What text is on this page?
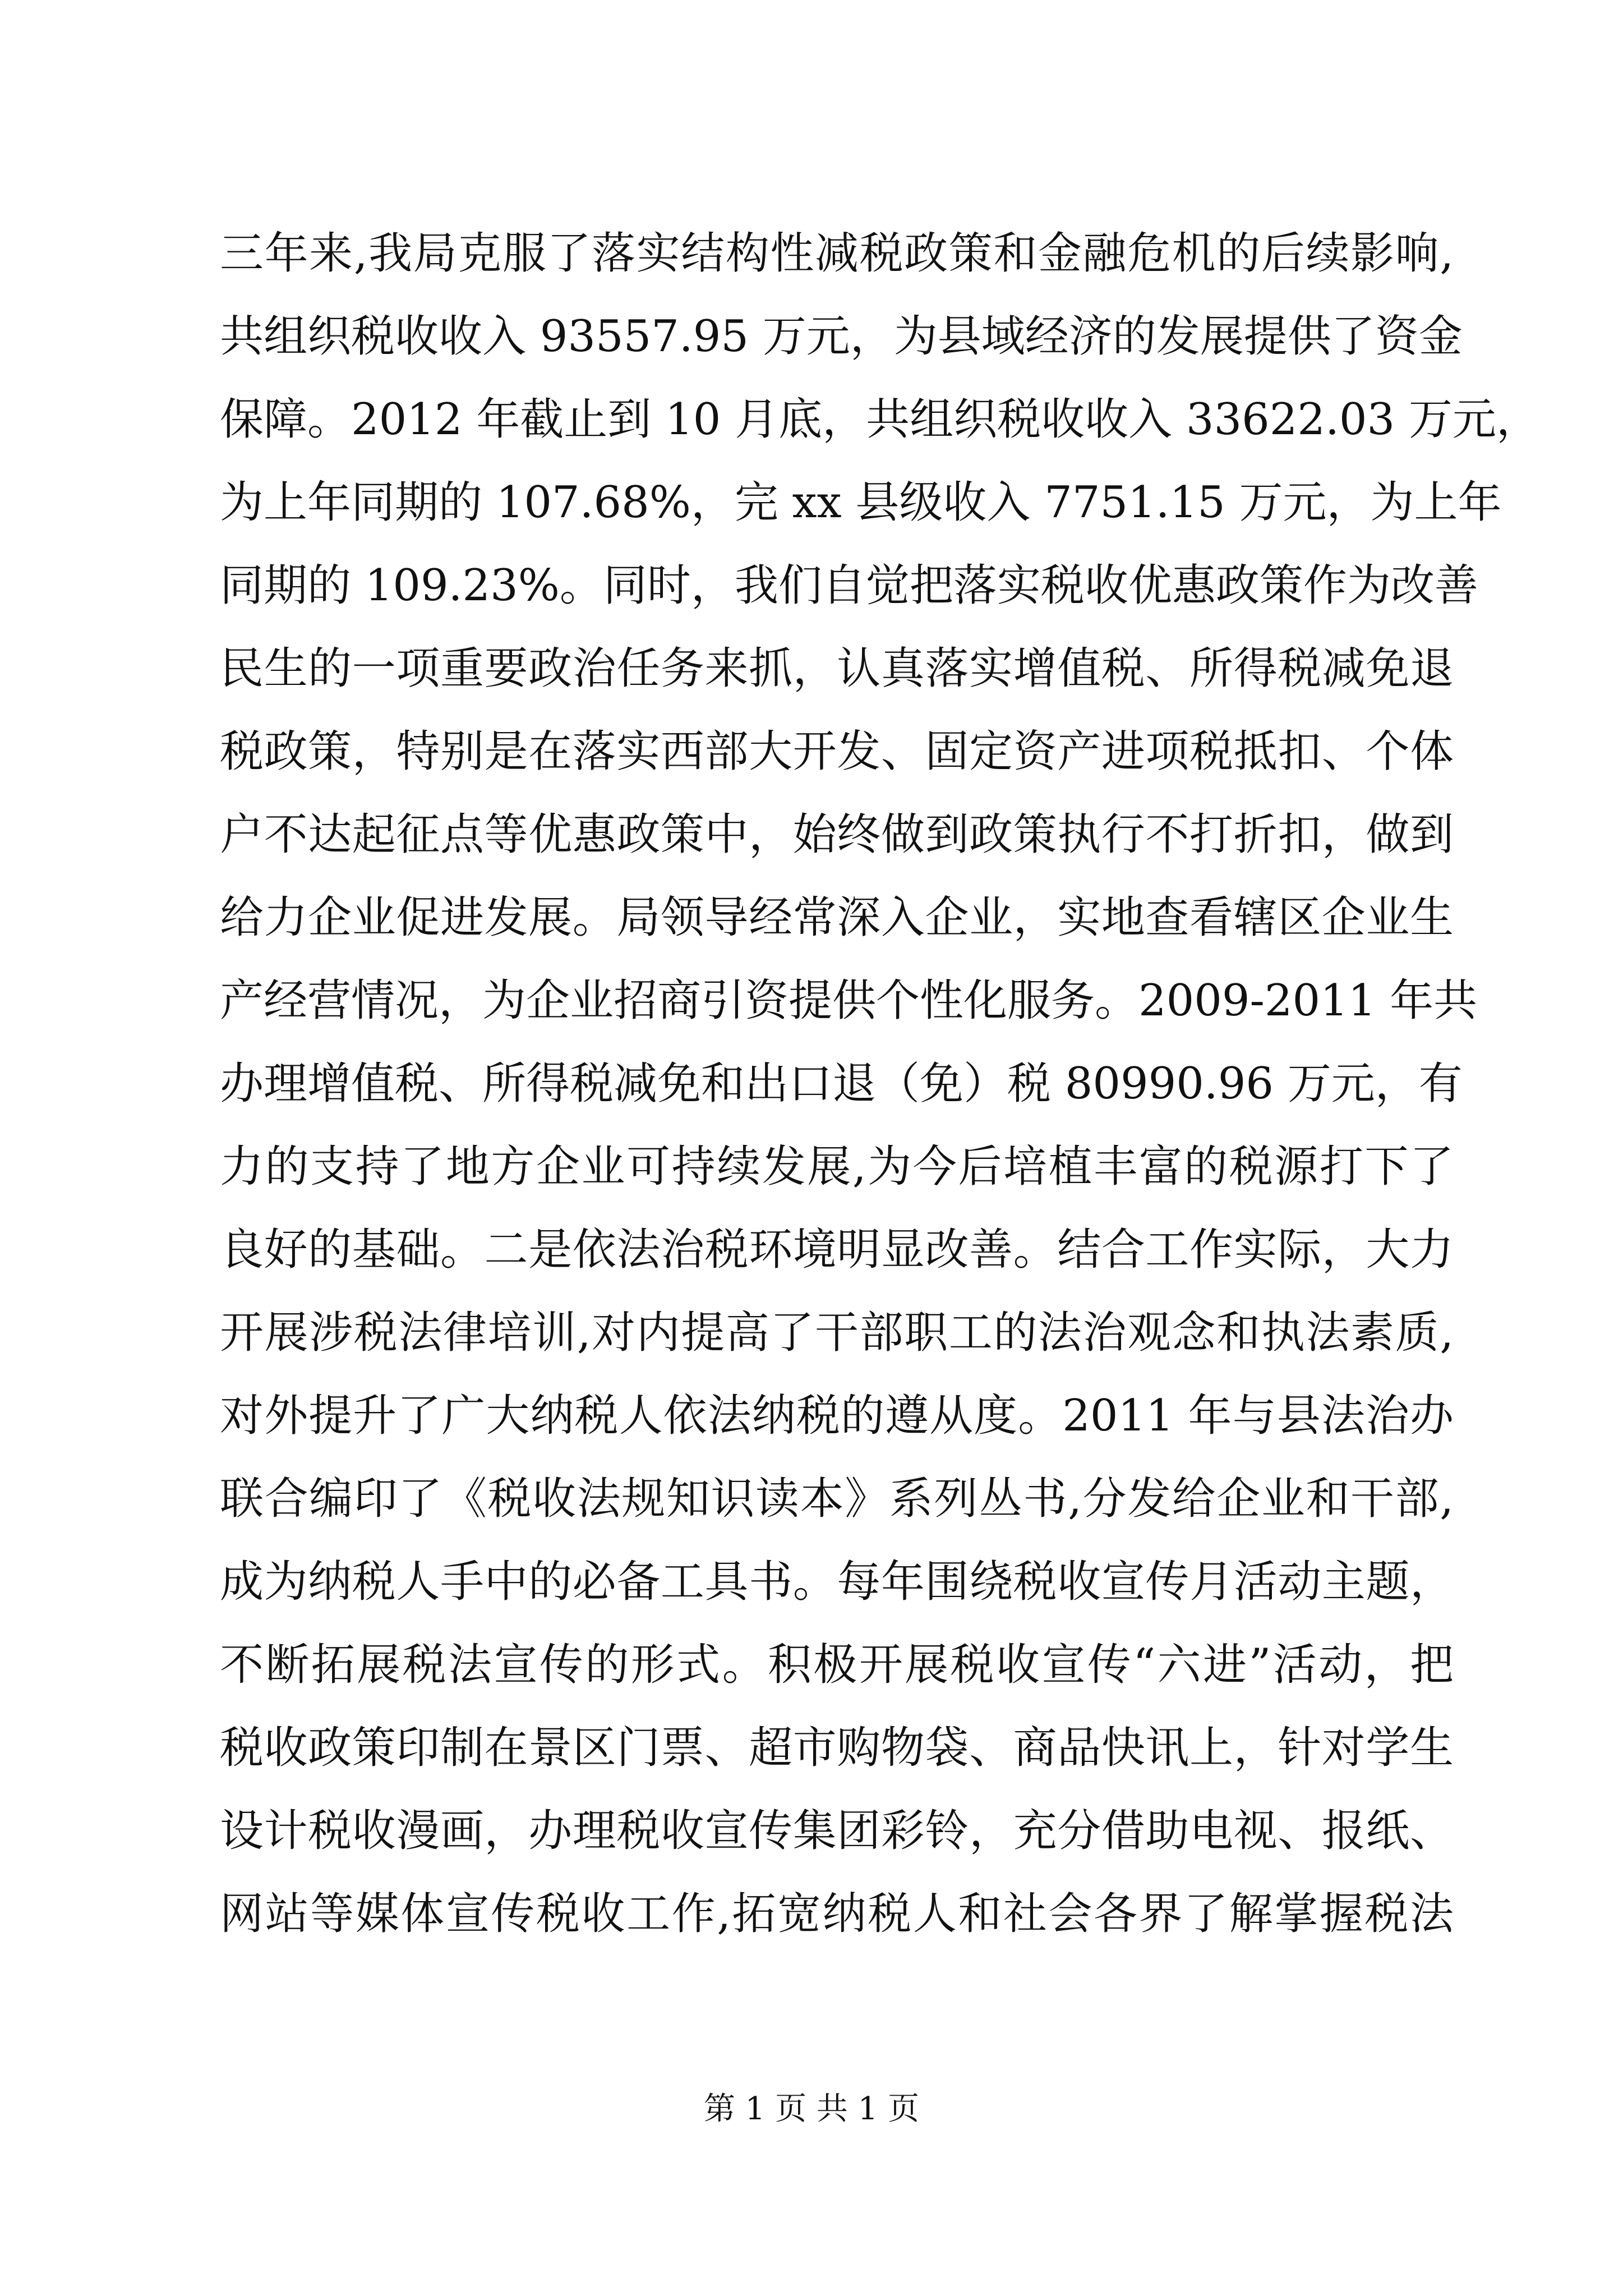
三年来,我局克服了落实结构性减税政策和金融危机的后续影响,
共组织税收收入 93557.95 万元，为县域经济的发展提供了资金
保障。2012 年截止到 10 月底，共组织税收收入 33622.03 万元，
为上年同期的 107.68%，完 xx 县级收入 7751.15 万元，为上年
同期的 109.23%。同时，我们自觉把落实税收优惠政策作为改善
民生的一项重要政治任务来抓，认真落实增值税、所得税减免退
税政策，特别是在落实西部大开发、固定资产进项税抵扣、个体
户不达起征点等优惠政策中，始终做到政策执行不打折扣，做到
给力企业促进发展。局领导经常深入企业，实地查看辖区企业生
产经营情况，为企业招商引资提供个性化服务。2009-2011 年共
办理增值税、所得税减免和出口退（免）税 80990.96 万元，有
力的支持了地方企业可持续发展,为今后培植丰富的税源打下了
良好的基础。二是依法治税环境明显改善。结合工作实际，大力
开展涉税法律培训,对内提高了干部职工的法治观念和执法素质,
对外提升了广大纳税人依法纳税的遵从度。2011 年与县法治办
联合编印了《税收法规知识读本》系列丛书,分发给企业和干部,
成为纳税人手中的必备工具书。每年围绕税收宣传月活动主题，
不断拓展税法宣传的形式。积极开展税收宣传“六进”活动，把
税收政策印制在景区门票、超市购物袋、商品快讯上，针对学生
设计税收漫画，办理税收宣传集团彩铃，充分借助电视、报纸、
网站等媒体宣传税收工作,拓宽纳税人和社会各界了解掌握税法
第 1 页 共 1 页
